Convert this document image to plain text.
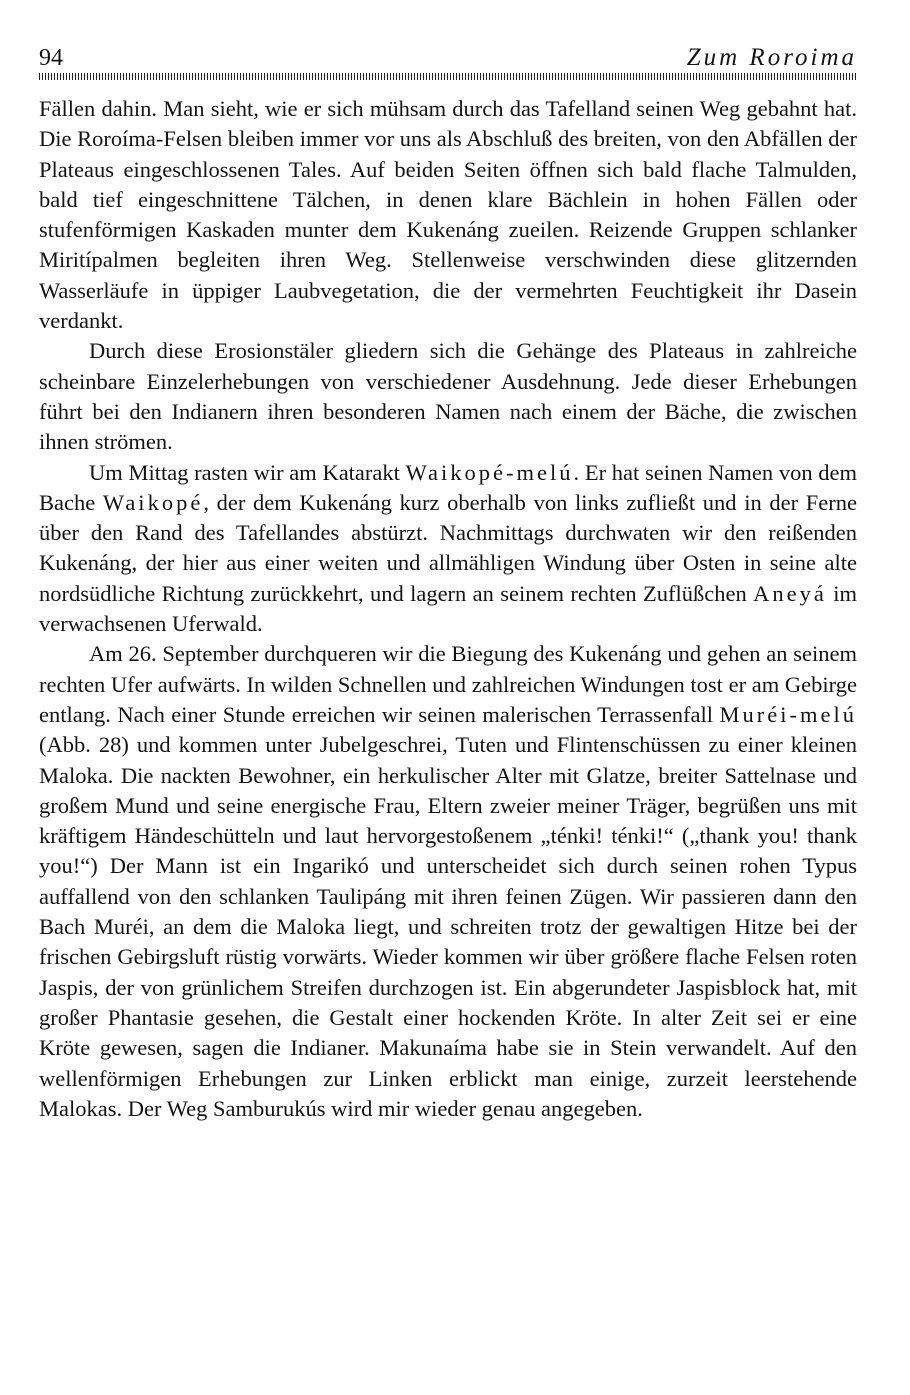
94	Zum Roroima

Fällen dahin. Man sieht, wie er sich mühsam durch das Tafelland seinen Weg gebahnt hat. Die Roroíma-Felsen bleiben immer vor uns als Abschluß des breiten, von den Abfällen der Plateaus eingeschlossenen Tales. Auf beiden Seiten öffnen sich bald flache Talmulden, bald tief eingeschnittene Tälchen, in denen klare Bächlein in hohen Fällen oder stufenförmigen Kaskaden munter dem Kukenáng zueilen. Reizende Gruppen schlanker Miritípalmen begleiten ihren Weg. Stellenweise verschwinden diese glitzernden Wasserläufe in üppiger Laubvegetation, die der vermehrten Feuchtigkeit ihr Dasein verdankt.

Durch diese Erosionstäler gliedern sich die Gehänge des Plateaus in zahlreiche scheinbare Einzelerhebungen von verschiedener Ausdehnung. Jede dieser Erhebungen führt bei den Indianern ihren besonderen Namen nach einem der Bäche, die zwischen ihnen strömen.

Um Mittag rasten wir am Katarakt Waikopé-melú. Er hat seinen Namen von dem Bache Waikopé, der dem Kukenáng kurz oberhalb von links zufließt und in der Ferne über den Rand des Tafellandes abstürzt. Nachmittags durchwaten wir den reißenden Kukenáng, der hier aus einer weiten und allmähligen Windung über Osten in seine alte nordsüdliche Richtung zurückkehrt, und lagern an seinem rechten Zuflüßchen Aneyá im verwachsenen Uferwald.

Am 26. September durchqueren wir die Biegung des Kukenáng und gehen an seinem rechten Ufer aufwärts. In wilden Schnellen und zahlreichen Windungen tost er am Gebirge entlang. Nach einer Stunde erreichen wir seinen malerischen Terrassenfall Muréi-melú (Abb. 28) und kommen unter Jubelgeschrei, Tuten und Flintenschüssen zu einer kleinen Maloka. Die nackten Bewohner, ein herkulischer Alter mit Glatze, breiter Sattelnase und großem Mund und seine energische Frau, Eltern zweier meiner Träger, begrüßen uns mit kräftigem Händeschütteln und laut hervorgestoßenem „ténki! ténki!“ („thank you! thank you!“) Der Mann ist ein Ingarikó und unterscheidet sich durch seinen rohen Typus auffallend von den schlanken Taulipáng mit ihren feinen Zügen. Wir passieren dann den Bach Muréi, an dem die Maloka liegt, und schreiten trotz der gewaltigen Hitze bei der frischen Gebirgsluft rüstig vorwärts. Wieder kommen wir über größere flache Felsen roten Jaspis, der von grünlichem Streifen durchzogen ist. Ein abgerundeter Jaspisblock hat, mit großer Phantasie gesehen, die Gestalt einer hockenden Kröte. In alter Zeit sei er eine Kröte gewesen, sagen die Indianer. Makunaíma habe sie in Stein verwandelt. Auf den wellenförmigen Erhebungen zur Linken erblickt man einige, zurzeit leerstehende Malokas. Der Weg Samburukús wird mir wieder genau angegeben.
